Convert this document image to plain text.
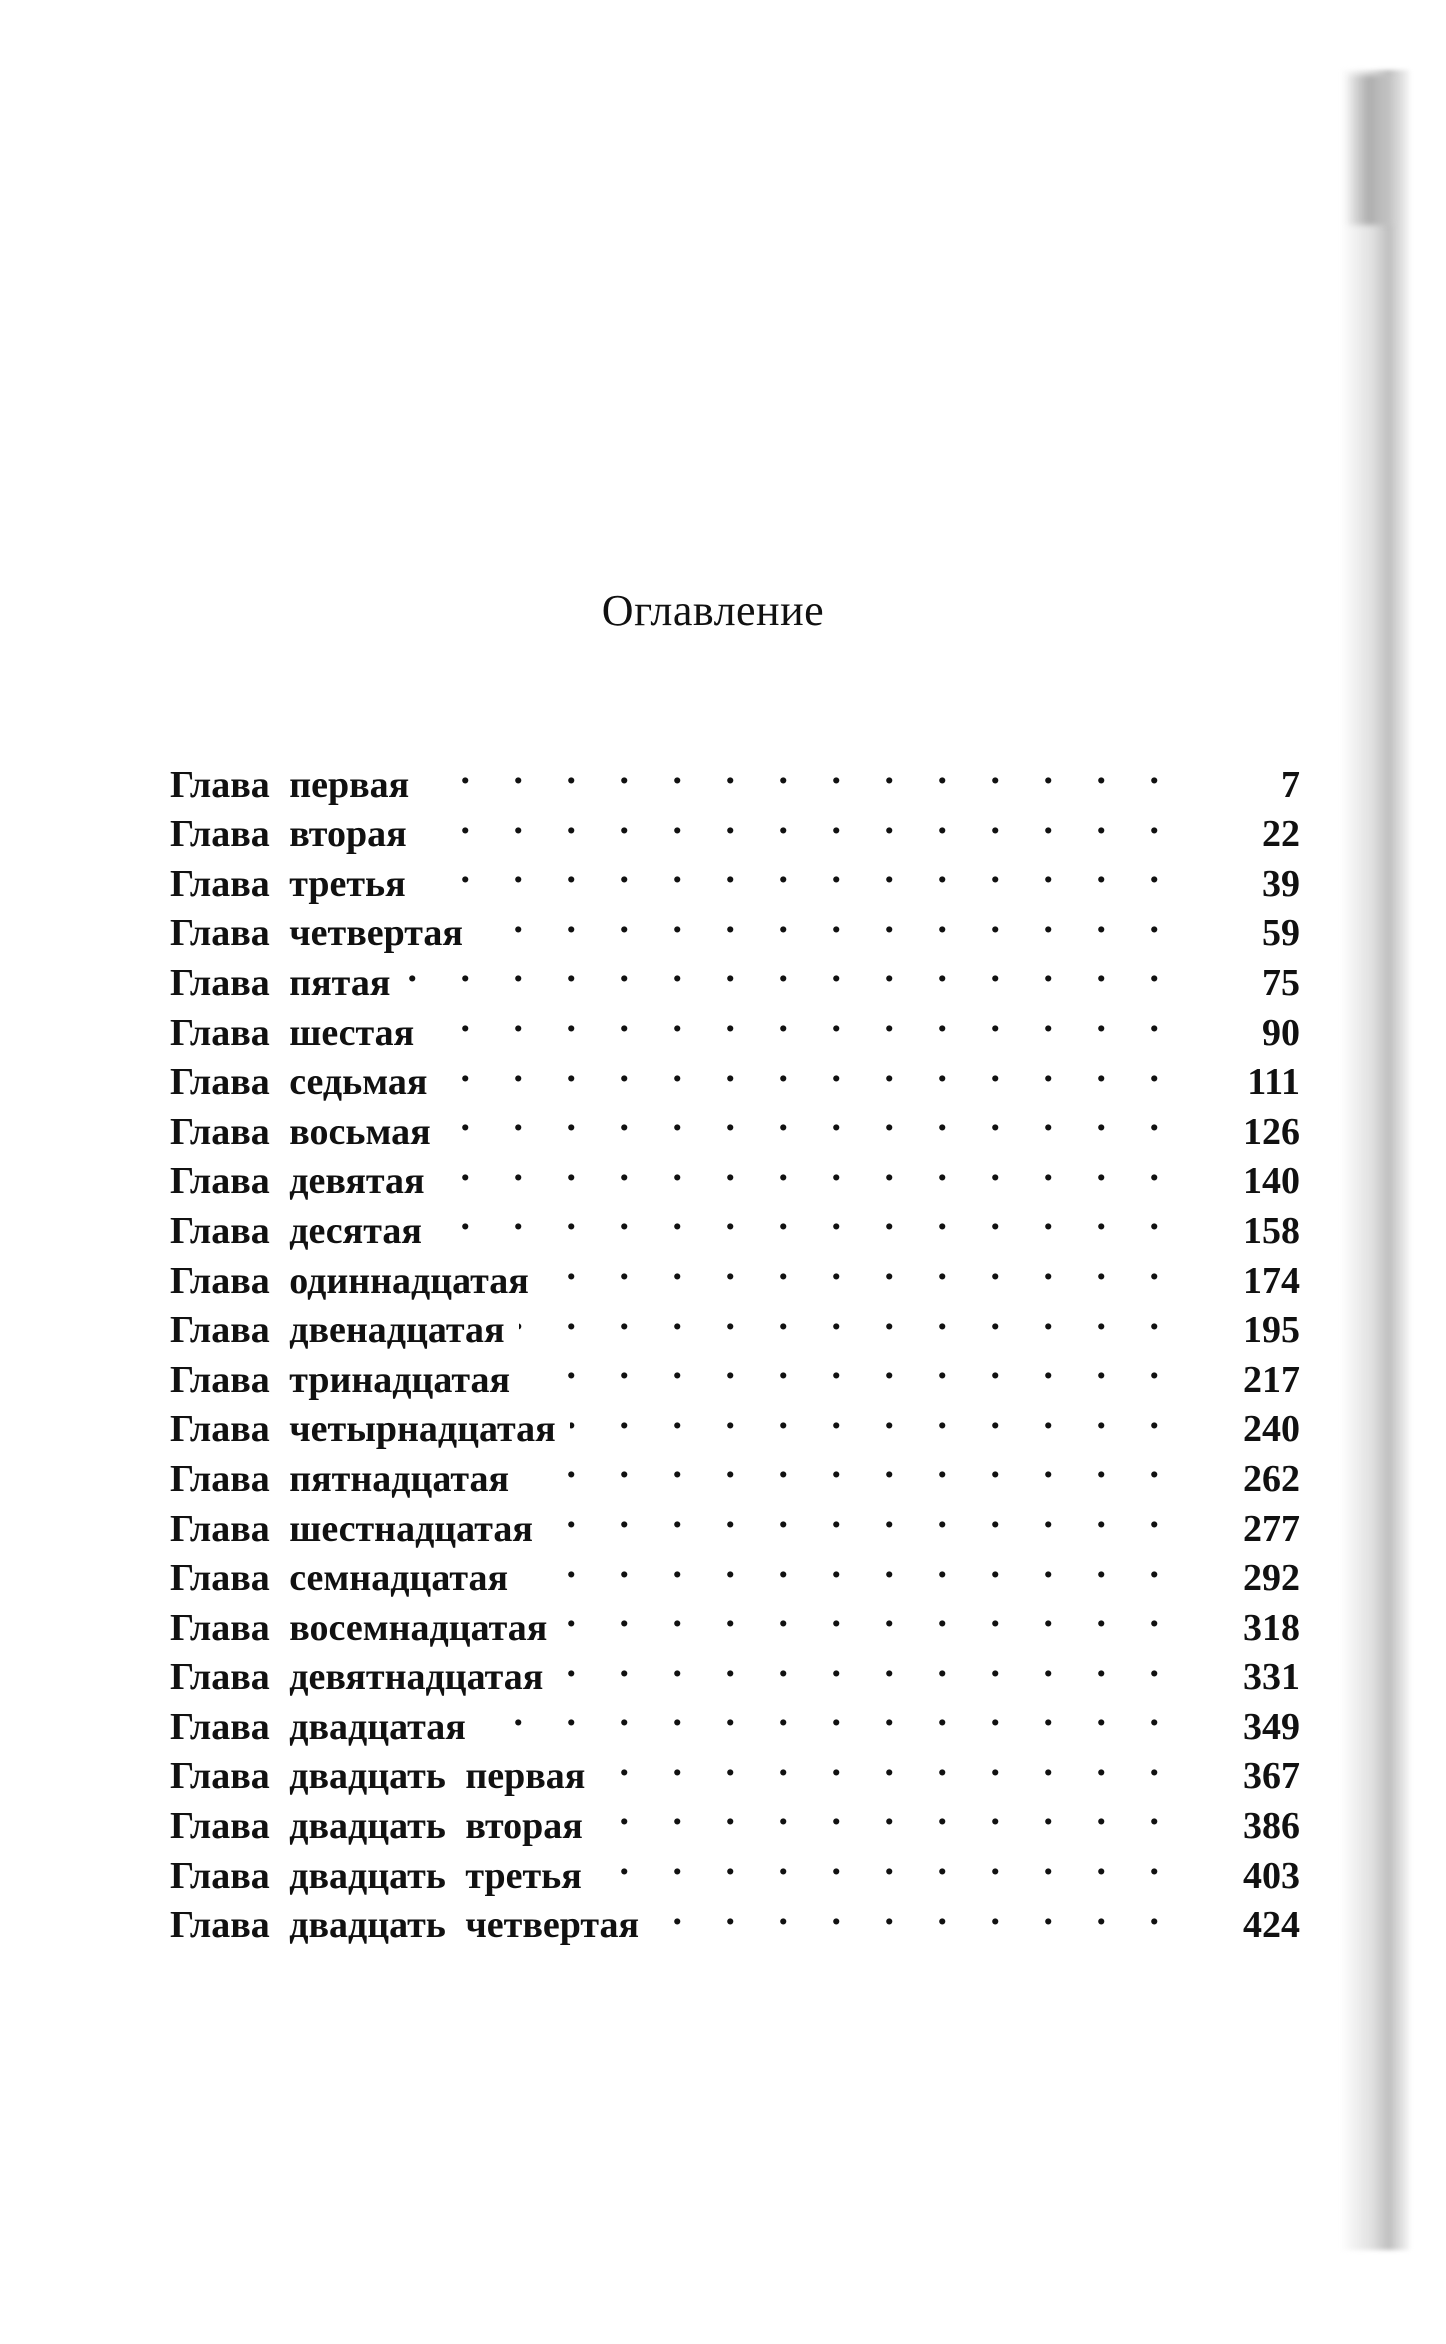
Оглавление
Глава первая . . .	7
Глава вторая . . .	22
Глава третья . . .	39
Глава четвертая . . .	59
Глава пятая . . .	75
Глава шестая . . .	90
Глава седьмая . . .	111
Глава восьмая . . .	126
Глава девятая . . .	140
Глава десятая . . .	158
Глава одиннадцатая . . .	174
Глава двенадцатая . . .	195
Глава тринадцатая . . .	217
Глава четырнадцатая . . .	240
Глава пятнадцатая . . .	262
Глава шестнадцатая . . .	277
Глава семнадцатая . . .	292
Глава восемнадцатая . . .	318
Глава девятнадцатая . . .	331
Глава двадцатая . . .	349
Глава двадцать первая . . .	367
Глава двадцать вторая . . .	386
Глава двадцать третья . . .	403
Глава двадцать четвертая . . .	424
